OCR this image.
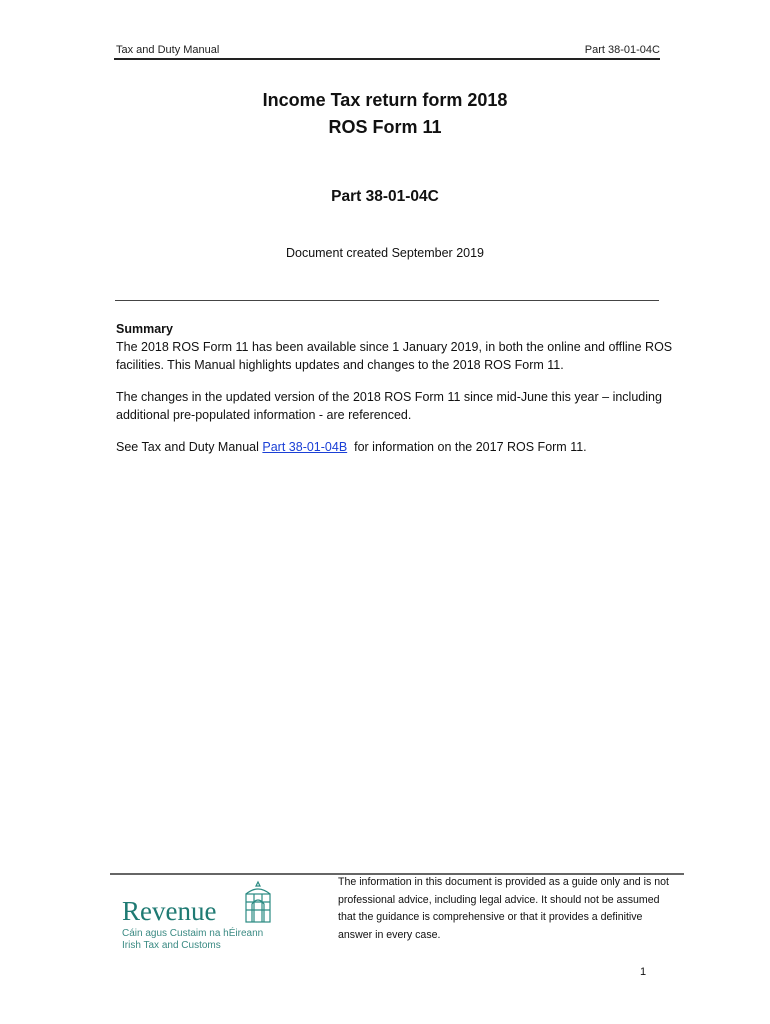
Tax and Duty Manual	Part 38-01-04C
Income Tax return form 2018
ROS Form 11
Part 38-01-04C
Document created September 2019
Summary

The 2018 ROS Form 11 has been available since 1 January 2019, in both the online and offline ROS facilities. This Manual highlights updates and changes to the 2018 ROS Form 11.

The changes in the updated version of the 2018 ROS Form 11 since mid-June this year – including additional pre-populated information - are referenced.

See Tax and Duty Manual Part 38-01-04B  for information on the 2017 ROS Form 11.

Revenue
Cáin agus Custaim na hÉireann
Irish Tax and Customs
The information in this document is provided as a guide only and is not professional advice, including legal advice. It should not be assumed that the guidance is comprehensive or that it provides a definitive answer in every case.
1
